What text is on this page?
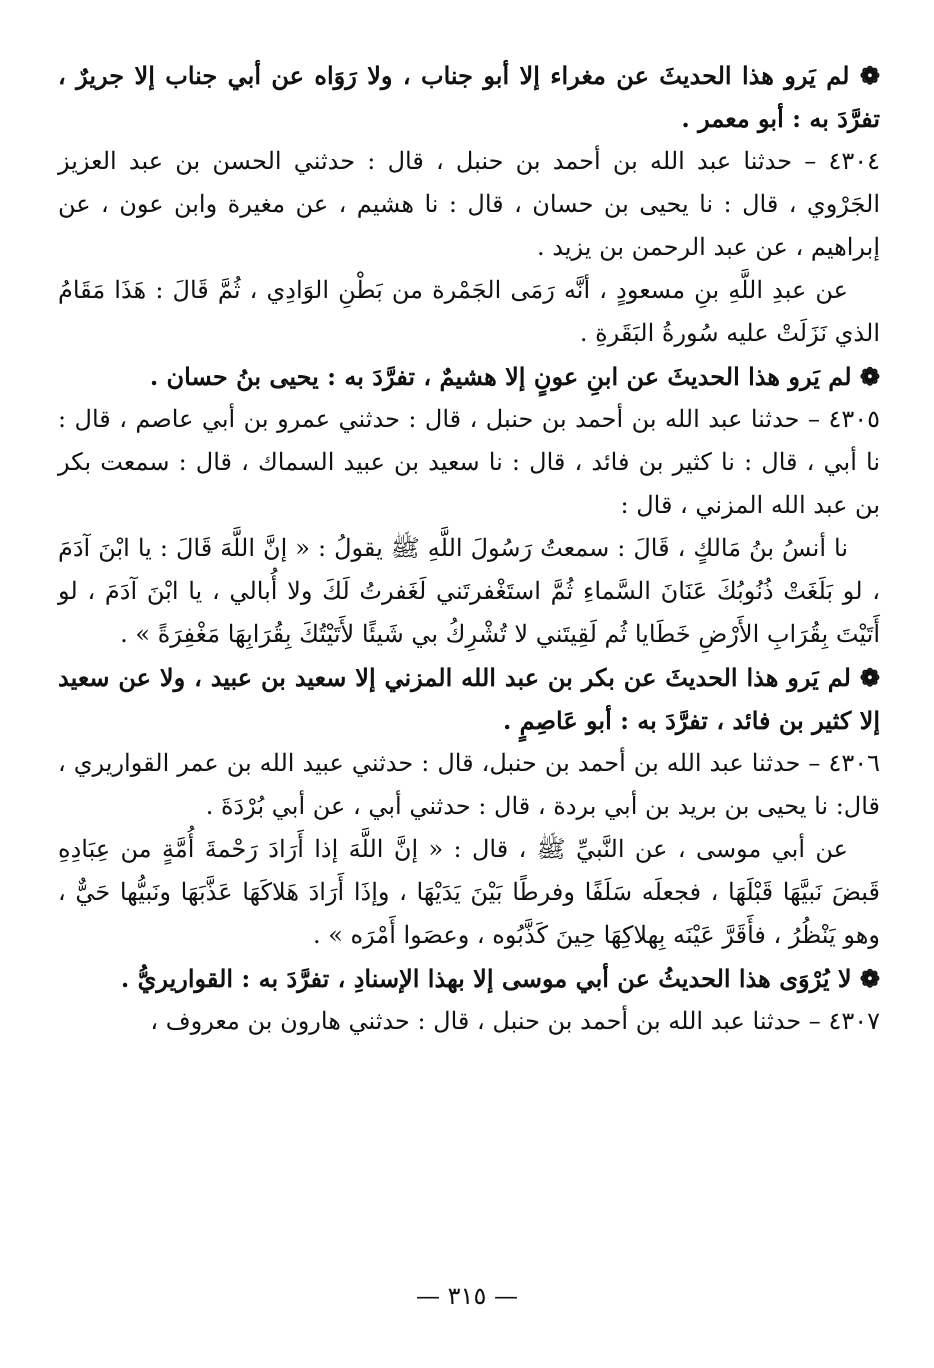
❁ لم يَرو هذا الحديثَ عن مغراء إلا أبو جناب ، ولا رَوَاه عن أبي جناب إلا جريرٌ ، تفرَّدَ به : أبو معمر .

٤٣٠٤ – حدثنا عبد الله بن أحمد بن حنبل ، قال : حدثني الحسن بن عبد العزيز الجَرْوي ، قال : نا يحيى بن حسان ، قال : نا هشيم ، عن مغيرة وابن عون ، عن إبراهيم ، عن عبد الرحمن بن يزيد .

عن عبدِ اللَّهِ بنِ مسعودٍ ، أنَّه رَمَى الجَمْرة من بَطْنِ الوَادِي ، ثُمَّ قَالَ : هَذَا مَقَامُ الذي نَزَلَتْ عليه سُورةُ البَقَرةِ .

❁ لم يَرو هذا الحديثَ عن ابنِ عونٍ إلا هشيمٌ ، تفرَّدَ به : يحيى بنُ حسان .

٤٣٠٥ – حدثنا عبد الله بن أحمد بن حنبل ، قال : حدثني عمرو بن أبي عاصم ، قال : نا أبي ، قال : نا كثير بن فائد ، قال : نا سعيد بن عبيد السماك ، قال : سمعت بكر بن عبد الله المزني ، قال :

نا أنسُ بنُ مَالكٍ ، قَالَ : سمعتُ رَسُولَ اللَّهِ ﷺ يقولُ : « إنَّ اللَّهَ قَالَ : يا ابْنَ آدَمَ ، لو بَلَغَتْ ذُنُوبُكَ عَنَانَ السَّماءِ ثُمَّ استَغْفرتَني لَغَفرتُ لَكَ ولا أُبالي ، يا ابْنَ آدَمَ ، لو أَتَيْتَ بِقُرَابِ الأَرْضِ خَطَايا ثُم لَقِيتَني لا تُشْرِكُ بي شَيئًا لأَتَيْتُكَ بِقُرَابِهَا مَغْفِرَةً » .

❁ لم يَرو هذا الحديثَ عن بكر بن عبد الله المزني إلا سعيد بن عبيد ، ولا عن سعيد إلا كثير بن فائد ، تفرَّدَ به : أبو عَاصِمٍ .

٤٣٠٦ – حدثنا عبد الله بن أحمد بن حنبل، قال : حدثني عبيد الله بن عمر القواريري ، قال: نا يحيى بن بريد بن أبي بردة ، قال : حدثني أبي ، عن أبي بُرْدَةَ .

عن أبي موسى ، عن النَّبيِّ ﷺ ، قال : « إنَّ اللَّهَ إذا أَرَادَ رَحْمةَ أُمَّةٍ من عِبَادِهِ قَبضَ نَبيَّهَا قَبْلَهَا ، فجعلَه سَلَفًا وفرطًا بَيْنَ يَدَيْهَا ، وإذَا أَرَادَ هَلاكَهَا عَذَّبَهَا ونَبيُّها حَيٌّ ، وهو يَنْظُرُ ، فأَقَرَّ عَيْنَه بِهلاكِهَا حِينَ كَذَّبُوه ، وعصَوا أَمْرَه » .

❁ لا يُرْوَى هذا الحديثُ عن أبي موسى إلا بهذا الإسنادِ ، تفرَّدَ به : القواريريُّ .

٤٣٠٧ – حدثنا عبد الله بن أحمد بن حنبل ، قال : حدثني هارون بن معروف ،

— ٣١٥ —
